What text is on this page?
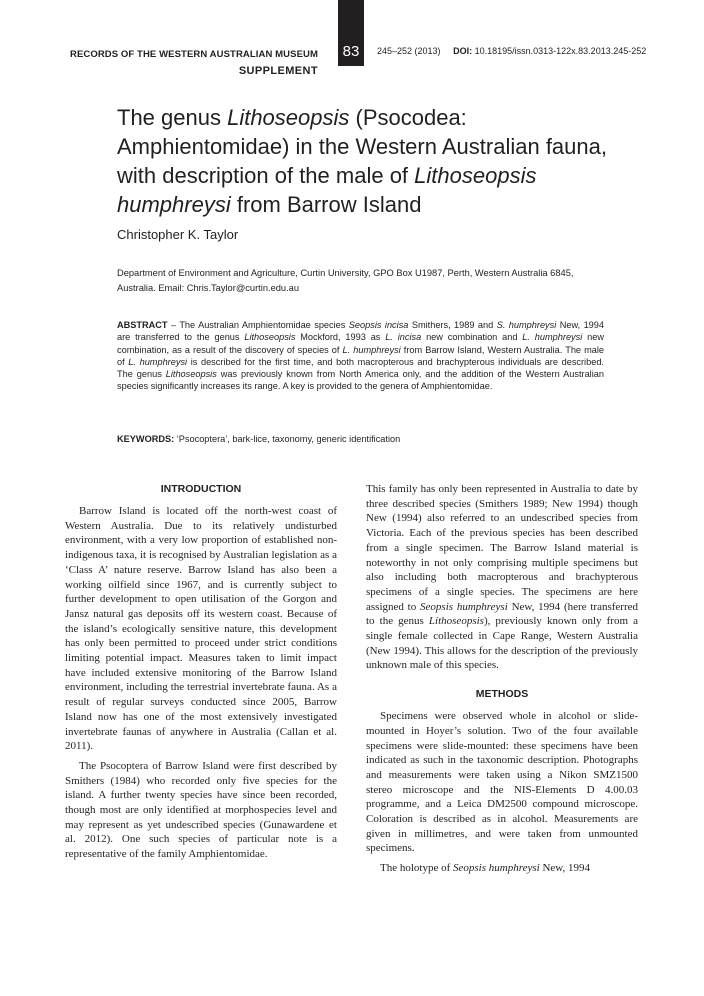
RECORDS OF THE WESTERN AUSTRALIAN MUSEUM
SUPPLEMENT
83	245–252 (2013) DOI: 10.18195/issn.0313-122x.83.2013.245-252
The genus Lithoseopsis (Psocodea: Amphientomidae) in the Western Australian fauna, with description of the male of Lithoseopsis humphreysi from Barrow Island
Christopher K. Taylor
Department of Environment and Agriculture, Curtin University, GPO Box U1987, Perth, Western Australia 6845, Australia. Email: Chris.Taylor@curtin.edu.au

ABSTRACT – The Australian Amphientomidae species Seopsis incisa Smithers, 1989 and S. humphreysi New, 1994 are transferred to the genus Lithoseopsis Mockford, 1993 as L. incisa new combination and L. humphreysi new combination, as a result of the discovery of species of L. humphreysi from Barrow Island, Western Australia. The male of L. humphreysi is described for the first time, and both macropterous and brachypterous individuals are described. The genus Lithoseopsis was previously known from North America only, and the addition of the Western Australian species significantly increases its range. A key is provided to the genera of Amphientomidae.

KEYWORDS: ‘Psocoptera’, bark-lice, taxonomy, generic identification
INTRODUCTION

Barrow Island is located off the north-west coast of Western Australia. Due to its relatively undisturbed environment, with a very low proportion of established non-indigenous taxa, it is recognised by Australian legislation as a ‘Class A’ nature reserve. Barrow Island has also been a working oilfield since 1967, and is currently subject to further development to open utilisation of the Gorgon and Jansz natural gas deposits off its western coast. Because of the island’s ecologically sensitive nature, this development has only been permitted to proceed under strict conditions limiting potential impact. Measures taken to limit impact have included extensive monitoring of the Barrow Island environment, including the terrestrial invertebrate fauna. As a result of regular surveys conducted since 2005, Barrow Island now has one of the most extensively investigated invertebrate faunas of anywhere in Australia (Callan et al. 2011).

The Psocoptera of Barrow Island were first described by Smithers (1984) who recorded only five species for the island. A further twenty species have since been recorded, though most are only identified at morphospecies level and may represent as yet undescribed species (Gunawardene et al. 2012). One such species of particular note is a representative of the family Amphientomidae.

This family has only been represented in Australia to date by three described species (Smithers 1989; New 1994) though New (1994) also referred to an undescribed species from Victoria. Each of the previous species has been described from a single specimen. The Barrow Island material is noteworthy in not only comprising multiple specimens but also including both macropterous and brachypterous specimens of a single species. The specimens are here assigned to Seopsis humphreysi New, 1994 (here transferred to the genus Lithoseopsis), previously known only from a single female collected in Cape Range, Western Australia (New 1994). This allows for the description of the previously unknown male of this species.

METHODS

Specimens were observed whole in alcohol or slide-mounted in Hoyer’s solution. Two of the four available specimens were slide-mounted: these specimens have been indicated as such in the taxonomic description. Photographs and measurements were taken using a Nikon SMZ1500 stereo microscope and the NIS-Elements D 4.00.03 programme, and a Leica DM2500 compound microscope. Coloration is described as in alcohol. Measurements are given in millimetres, and were taken from unmounted specimens.

The holotype of Seopsis humphreysi New, 1994
